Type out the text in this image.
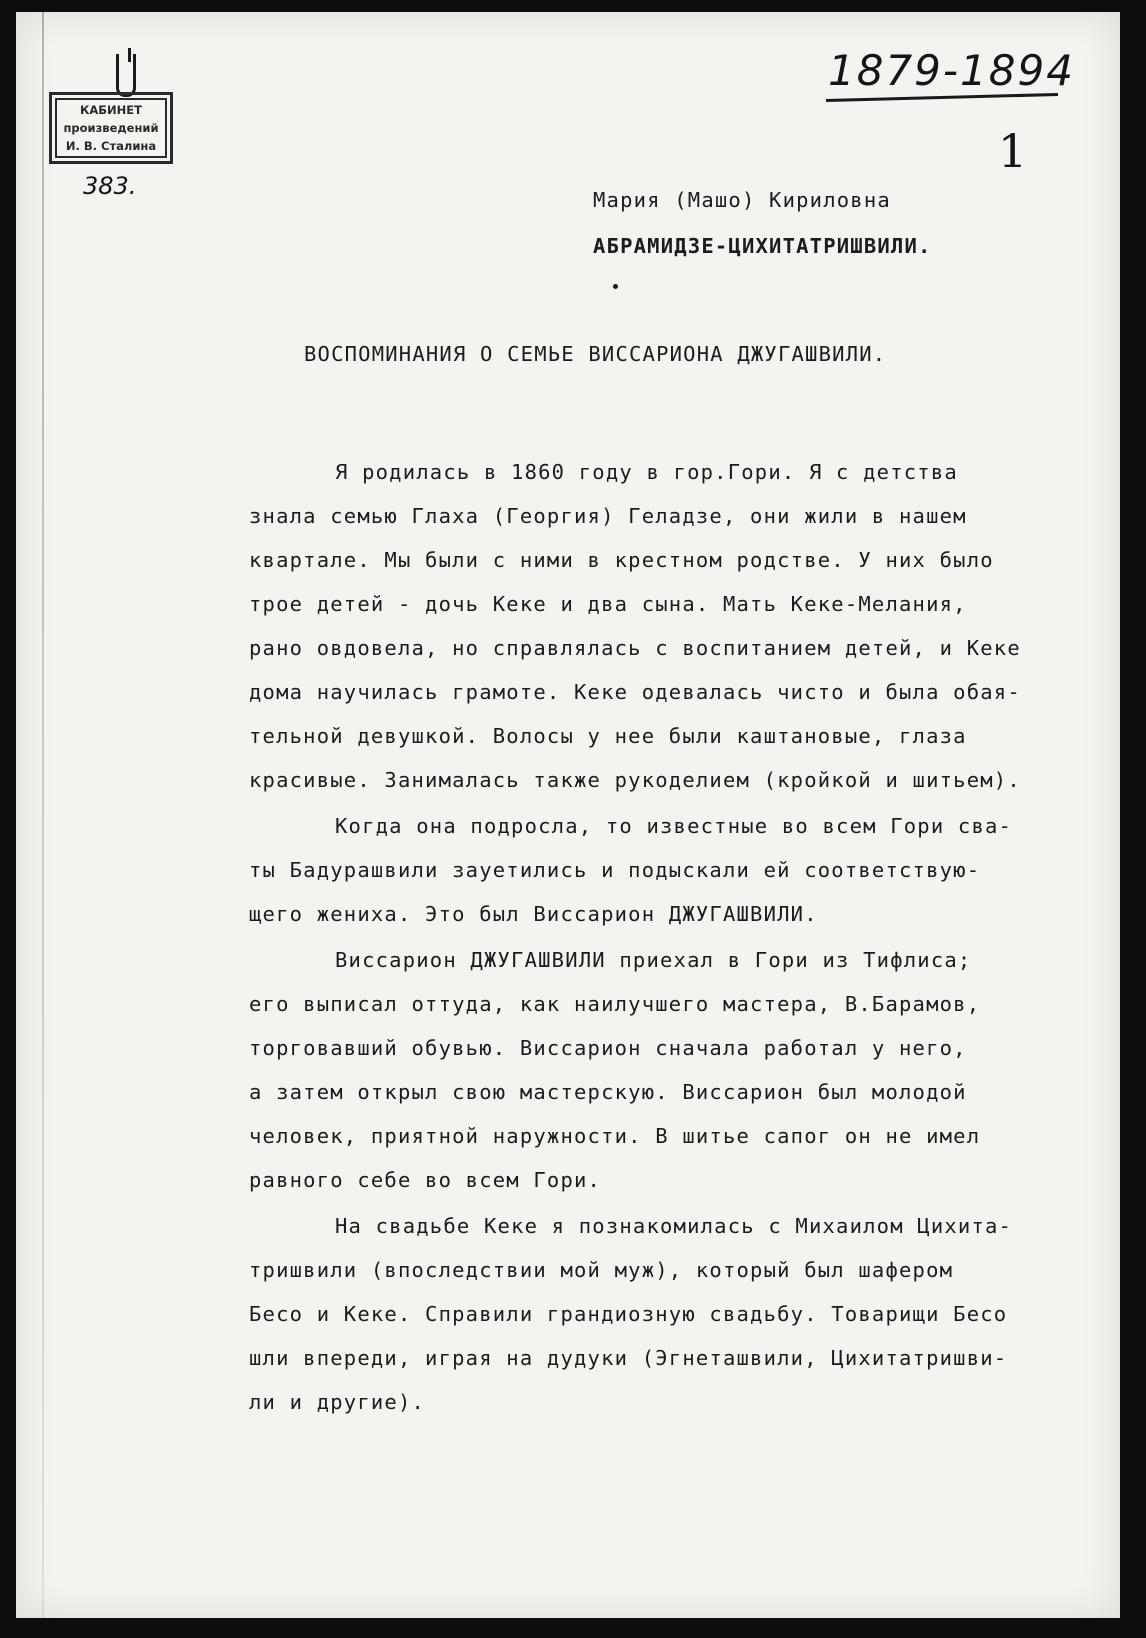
КАБИНЕТ
произведений
И. В. Сталина
383.
1879-1894
1
Мария (Машо) Кириловна
АБРАМИДЗЕ-ЦИХИТАТРИШВИЛИ.
ВОСПОМИНАНИЯ О СЕМЬЕ ВИССАРИОНА ДЖУГАШВИЛИ.
Я родилась в 1860 году в гор.Гори. Я с детства
знала семью Глаха (Георгия) Геладзе, они жили в нашем
квартале. Мы были с ними в крестном родстве. У них было
трое детей - дочь Кеке и два сына. Мать Кеке-Мелания,
рано овдовела, но справлялась с воспитанием детей, и Кеке
дома научилась грамоте. Кеке одевалась чисто и была обая-
тельной девушкой. Волосы у нее были каштановые, глаза
красивые. Занималась также рукоделием (кройкой и шитьем).
Когда она подросла, то известные во всем Гори сва-
ты Бадурашвили зауетились и подыскали ей соответствую-
щего жениха. Это был Виссарион ДЖУГАШВИЛИ.
Виссарион ДЖУГАШВИЛИ приехал в Гори из Тифлиса;
его выписал оттуда, как наилучшего мастера, В.Барамов,
торговавший обувью. Виссарион сначала работал у него,
а затем открыл свою мастерскую. Виссарион был молодой
человек, приятной наружности. В шитье сапог он не имел
равного себе во всем Гори.
На свадьбе Кеке я познакомилась с Михаилом Цихита-
тришвили (впоследствии мой муж), который был шафером
Бесо и Кеке. Справили грандиозную свадьбу. Товарищи Бесо
шли впереди, играя на дудуки (Эгнеташвили, Цихитатришви-
ли и другие).
